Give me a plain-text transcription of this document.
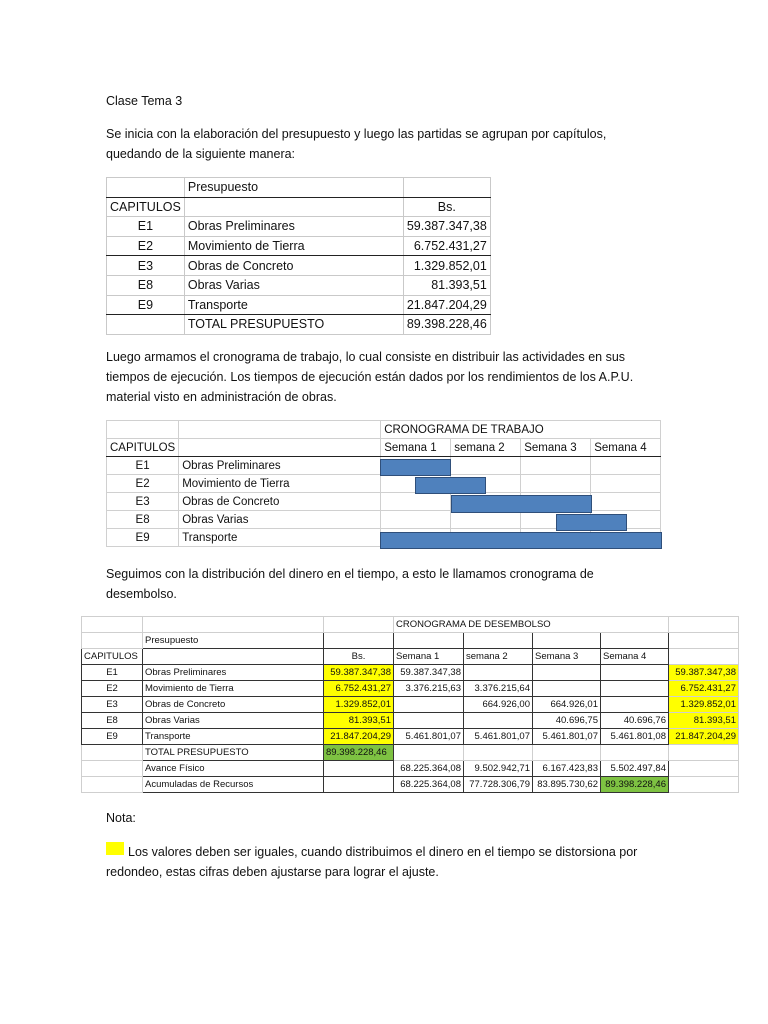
Clase Tema 3

Se inicia con la elaboración del presupuesto y luego las partidas se agrupan por capítulos, quedando de la siguiente manera:

	Presupuesto	
CAPITULOS		Bs.
E1	Obras Preliminares	59.387.347,38
E2	Movimiento de Tierra	6.752.431,27
E3	Obras de Concreto	1.329.852,01
E8	Obras Varias	81.393,51
E9	Transporte	21.847.204,29
	TOTAL PRESUPUESTO	89.398.228,46

Luego armamos el cronograma de trabajo, lo cual consiste en distribuir las actividades en sus tiempos de ejecución. Los tiempos de ejecución están dados por los rendimientos de los A.P.U. material visto en administración de obras.

		CRONOGRAMA DE TRABAJO			
CAPITULOS		Semana 1	semana 2	Semana 3	Semana 4
E1	Obras Preliminares				
E2	Movimiento de Tierra				
E3	Obras de Concreto				
E8	Obras Varias				
E9	Transporte				

Seguimos con la distribución del dinero en el tiempo, a esto le llamamos cronograma de desembolso.

			CRONOGRAMA DE DESEMBOLSO				
	Presupuesto						
CAPITULOS		Bs.	Semana 1	semana 2	Semana 3	Semana 4	
E1	Obras Preliminares	59.387.347,38	59.387.347,38				59.387.347,38
E2	Movimiento de Tierra	6.752.431,27	3.376.215,63	3.376.215,64			6.752.431,27
E3	Obras de Concreto	1.329.852,01		664.926,00	664.926,01		1.329.852,01
E8	Obras Varias	81.393,51			40.696,75	40.696,76	81.393,51
E9	Transporte	21.847.204,29	5.461.801,07	5.461.801,07	5.461.801,07	5.461.801,08	21.847.204,29
	TOTAL PRESUPUESTO	89.398.228,46					
	Avance Físico		68.225.364,08	9.502.942,71	6.167.423,83	5.502.497,84	
	Acumuladas de Recursos		68.225.364,08	77.728.306,79	83.895.730,62	89.398.228,46	

Nota:

Los valores deben ser iguales, cuando distribuimos el dinero en el tiempo se distorsiona por redondeo, estas cifras deben ajustarse para lograr el ajuste.
